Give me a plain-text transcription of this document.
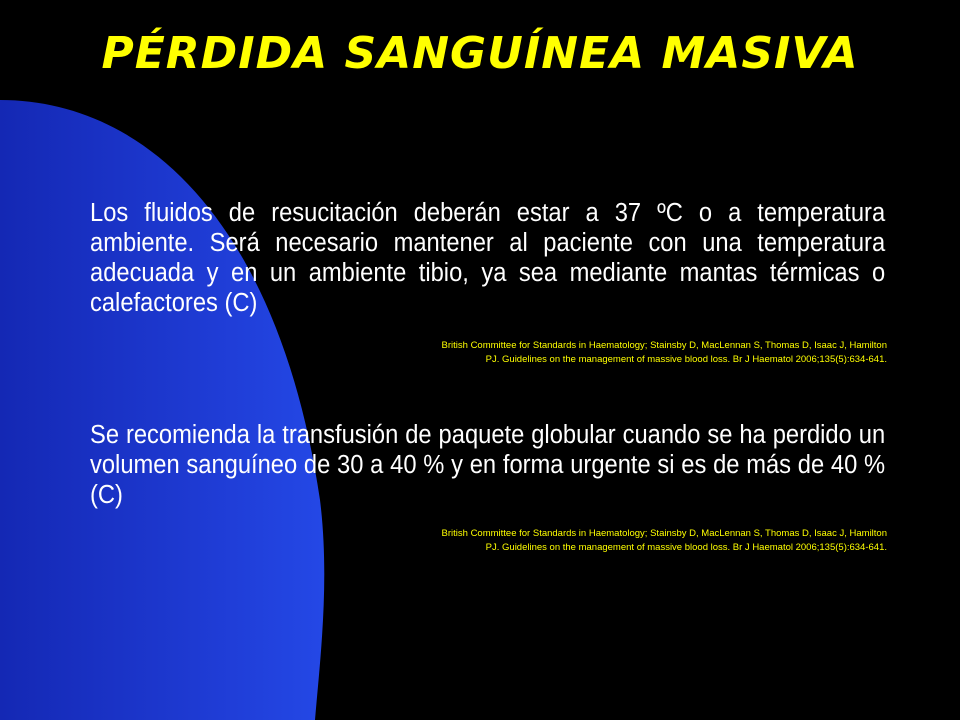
PÉRDIDA SANGUÍNEA MASIVA
Los fluidos de resucitación deberán estar a 37 ºC o a temperatura ambiente. Será necesario mantener al paciente con una temperatura adecuada y en un ambiente tibio, ya sea mediante mantas térmicas o calefactores (C)
British Committee for Standards in Haematology; Stainsby D, MacLennan S, Thomas D, Isaac J, Hamilton
PJ. Guidelines on the management of massive blood loss. Br J Haematol 2006;135(5):634-641.
Se recomienda la transfusión de paquete globular cuando se ha perdido un volumen sanguíneo de 30 a 40 % y en forma urgente si es de más de 40 % (C)
British Committee for Standards in Haematology; Stainsby D, MacLennan S, Thomas D, Isaac J, Hamilton
PJ. Guidelines on the management of massive blood loss. Br J Haematol 2006;135(5):634-641.
